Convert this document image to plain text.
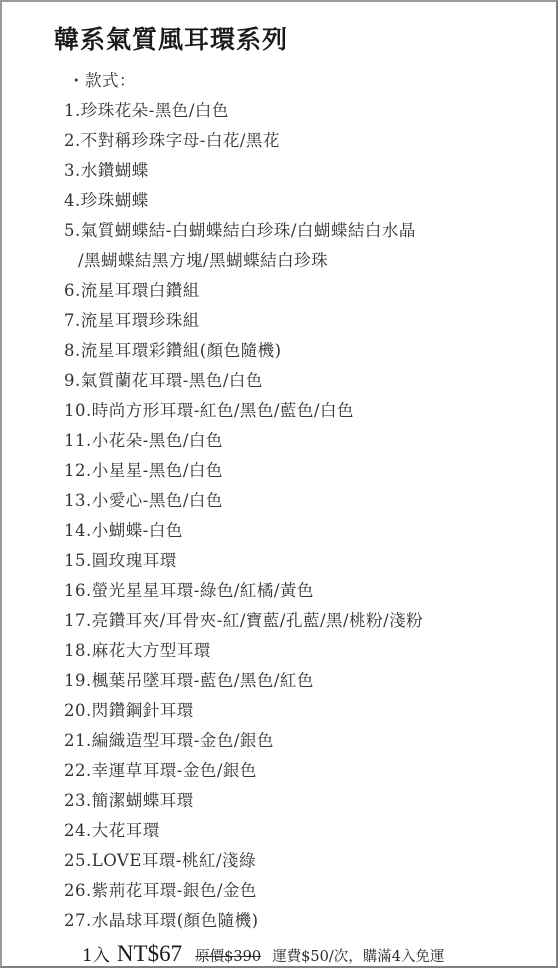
韓系氣質風耳環系列
・款式：
1.珍珠花朵-黑色/白色
2.不對稱珍珠字母-白花/黑花
3.水鑽蝴蝶
4.珍珠蝴蝶
5.氣質蝴蝶結-白蝴蝶結白珍珠/白蝴蝶結白水晶
/黑蝴蝶結黑方塊/黑蝴蝶結白珍珠
6.流星耳環白鑽組
7.流星耳環珍珠組
8.流星耳環彩鑽組(顏色隨機)
9.氣質蘭花耳環-黑色/白色
10.時尚方形耳環-紅色/黑色/藍色/白色
11.小花朵-黑色/白色
12.小星星-黑色/白色
13.小愛心-黑色/白色
14.小蝴蝶-白色
15.圓玫瑰耳環
16.螢光星星耳環-綠色/紅橘/黃色
17.亮鑽耳夾/耳骨夾-紅/寶藍/孔藍/黑/桃粉/淺粉
18.麻花大方型耳環
19.楓葉吊墜耳環-藍色/黑色/紅色
20.閃鑽鋼針耳環
21.編織造型耳環-金色/銀色
22.幸運草耳環-金色/銀色
23.簡潔蝴蝶耳環
24.大花耳環
25.LOVE耳環-桃紅/淺綠
26.紫荊花耳環-銀色/金色
27.水晶球耳環(顏色隨機)
1入 NT$67 原價$390 運費$50/次，購滿4入免運
